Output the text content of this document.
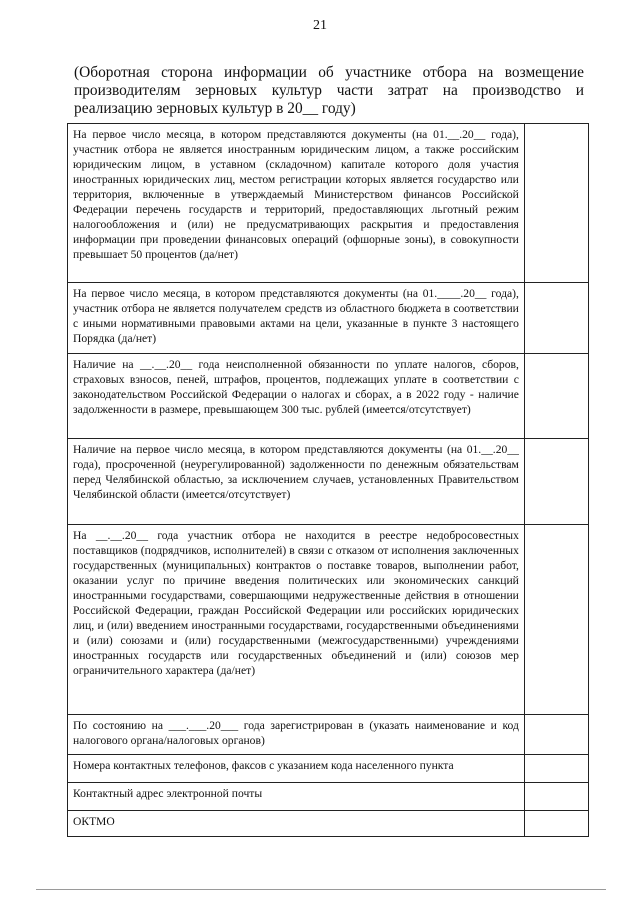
21
(Оборотная сторона информации об участнике отбора на возмещение производителям зерновых культур части затрат на производство и реализацию зерновых культур в 20__ году)
На первое число месяца, в котором представляются документы (на 01.__.20__ года), участник отбора не является иностранным юридическим лицом, а также российским юридическим лицом, в уставном (складочном) капитале которого доля участия иностранных юридических лиц, местом регистрации которых является государство или территория, включенные в утверждаемый Министерством финансов Российской Федерации перечень государств и территорий, предоставляющих льготный режим налогообложения и (или) не предусматривающих раскрытия и предоставления информации при проведении финансовых операций (офшорные зоны), в совокупности превышает 50 процентов (да/нет)	
На первое число месяца, в котором представляются документы (на 01.____.20__ года), участник отбора не является получателем средств из областного бюджета в соответствии с иными нормативными правовыми актами на цели, указанные в пункте 3 настоящего Порядка (да/нет)	
Наличие на __.__.20__ года неисполненной обязанности по уплате налогов, сборов, страховых взносов, пеней, штрафов, процентов, подлежащих уплате в соответствии с законодательством Российской Федерации о налогах и сборах, а в 2022 году - наличие задолженности в размере, превышающем 300 тыс. рублей (имеется/отсутствует)	
Наличие на первое число месяца, в котором представляются документы (на 01.__.20__ года), просроченной (неурегулированной) задолженности по денежным обязательствам перед Челябинской областью, за исключением случаев, установленных Правительством Челябинской области (имеется/отсутствует)	
На __.__.20__ года участник отбора не находится в реестре недобросовестных поставщиков (подрядчиков, исполнителей) в связи с отказом от исполнения заключенных государственных (муниципальных) контрактов о поставке товаров, выполнении работ, оказании услуг по причине введения политических или экономических санкций иностранными государствами, совершающими недружественные действия в отношении Российской Федерации, граждан Российской Федерации или российских юридических лиц, и (или) введением иностранными государствами, государственными объединениями и (или) союзами и (или) государственными (межгосударственными) учреждениями иностранных государств или государственных объединений и (или) союзов мер ограничительного характера (да/нет)	
По состоянию на ___.___.20___ года зарегистрирован в (указать наименование и код налогового органа/налоговых органов)	
Номера контактных телефонов, факсов с указанием кода населенного пункта	
Контактный адрес электронной почты	
ОКТМО	
